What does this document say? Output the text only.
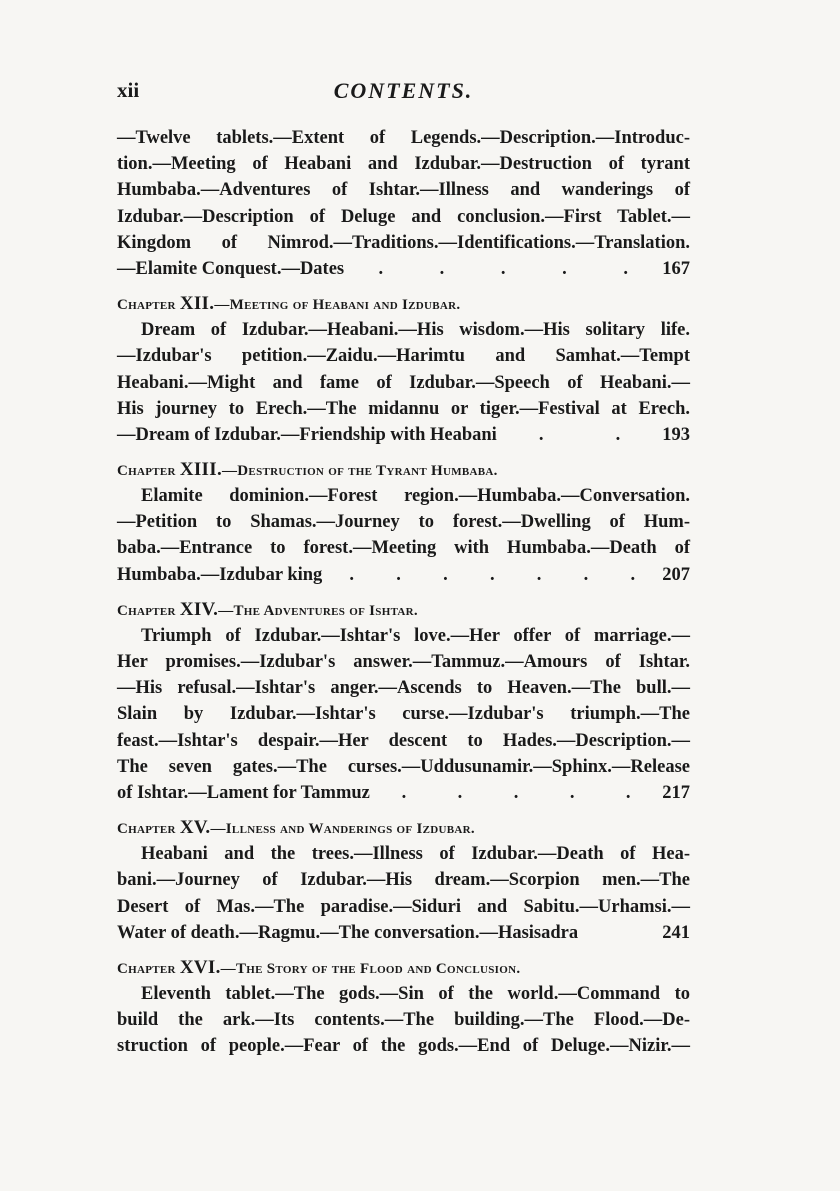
xii	CONTENTS.
—Twelve tablets.—Extent of Legends.—Description.—Introduc-
tion.—Meeting of Heabani and Izdubar.—Destruction of tyrant
Humbaba.—Adventures of Ishtar.—Illness and wanderings of
Izdubar.—Description of Deluge and conclusion.—First Tablet.—
Kingdom of Nimrod.—Traditions.—Identifications.—Translation.
—Elamite Conquest.—Dates .	.	.	.	. 167
Chapter XII.—Meeting of Heabani and Izdubar.
Dream of Izdubar.—Heabani.—His wisdom.—His solitary life.
—Izdubar's petition.—Zaidu.—Harimtu and Samhat.—Tempt
Heabani.—Might and fame of Izdubar.—Speech of Heabani.—
His journey to Erech.—The midannu or tiger.—Festival at Erech.
—Dream of Izdubar.—Friendship with Heabani .	. 193
Chapter XIII.—Destruction of the Tyrant Humbaba.
Elamite dominion.—Forest region.—Humbaba.—Conversation.
—Petition to Shamas.—Journey to forest.—Dwelling of Hum-
baba.—Entrance to forest.—Meeting with Humbaba.—Death of
Humbaba.—Izdubar king . . . . . . . 207
Chapter XIV.—The Adventures of Ishtar.
Triumph of Izdubar.—Ishtar's love.—Her offer of marriage.—
Her promises.—Izdubar's answer.—Tammuz.—Amours of Ishtar.
—His refusal.—Ishtar's anger.—Ascends to Heaven.—The bull.—
Slain by Izdubar.—Ishtar's curse.—Izdubar's triumph.—The
feast.—Ishtar's despair.—Her descent to Hades.—Description.—
The seven gates.—The curses.—Uddusunamir.—Sphinx.—Release
of Ishtar.—Lament for Tammuz .	.	.	.	. 217
Chapter XV.—Illness and Wanderings of Izdubar.
Heabani and the trees.—Illness of Izdubar.—Death of Hea-
bani.—Journey of Izdubar.—His dream.—Scorpion men.—The
Desert of Mas.—The paradise.—Siduri and Sabitu.—Urhamsi.—
Water of death.—Ragmu.—The conversation.—Hasisadra	241
Chapter XVI.—The Story of the Flood and Conclusion.
Eleventh tablet.—The gods.—Sin of the world.—Command to
build the ark.—Its contents.—The building.—The Flood.—De-
struction of people.—Fear of the gods.—End of Deluge.—Nizir.—
